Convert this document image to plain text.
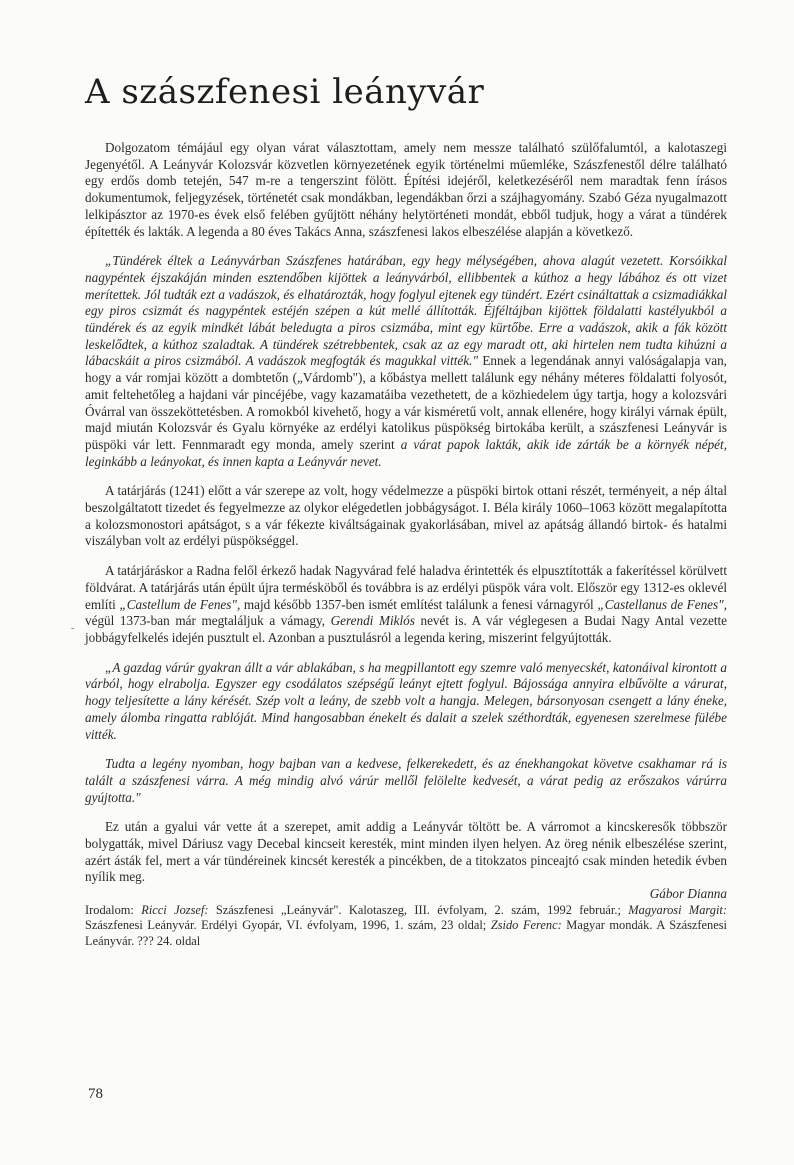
A szászfenesi leányvár

Dolgozatom témájául egy olyan várat választottam, amely nem messze található szülőfalumtól, a kalotaszegi Jegenyétől. A Leányvár Kolozsvár közvetlen környezetének egyik történelmi műemléke, Szászfenestől délre található egy erdős domb tetején, 547 m-re a tengerszint fölött. Építési idejéről, keletkezéséről nem maradtak fenn írásos dokumentumok, feljegyzések, történetét csak mondákban, legendákban őrzi a szájhagyomány. Szabó Géza nyugalmazott lelkipásztor az 1970-es évek első felében gyűjtött néhány helytörténeti mondát, ebből tudjuk, hogy a várat a tündérek építették és lakták. A legenda a 80 éves Takács Anna, szászfenesi lakos elbeszélése alapján a következő.

„Tündérek éltek a Leányvárban Szászfenes határában, egy hegy mélységében, ahova alagút vezetett. Korsóikkal nagypéntek éjszakáján minden esztendőben kijöttek a leányvárból, ellibbentek a kúthoz a hegy lábához és ott vizet merítettek. Jól tudták ezt a vadászok, és elhatározták, hogy foglyul ejtenek egy tündért. Ezért csináltattak a csizmadiákkal egy piros csizmát és nagypéntek estéjén szépen a kút mellé állították. Éjféltájban kijöttek földalatti kastélyukból a tündérek és az egyik mindkét lábát beledugta a piros csizmába, mint egy kürtőbe. Erre a vadászok, akik a fák között leskelődtek, a kúthoz szaladtak. A tündérek szétrebbentek, csak az az egy maradt ott, aki hirtelen nem tudta kihúzni a lábacskáit a piros csizmából. A vadászok megfogták és magukkal vitték." Ennek a legendának annyi valóságalapja van, hogy a vár romjai között a dombtetőn („Várdomb"), a kőbástya mellett találunk egy néhány méteres földalatti folyosót, amit feltehetőleg a hajdani vár pincéjébe, vagy kazamatáiba vezethetett, de a közhiedelem úgy tartja, hogy a kolozsvári Óvárral van összeköttetésben. A romokból kivehető, hogy a vár kisméretű volt, annak ellenére, hogy királyi várnak épült, majd miután Kolozsvár és Gyalu környéke az erdélyi katolikus püspökség birtokába került, a szászfenesi Leányvár is püspöki vár lett. Fennmaradt egy monda, amely szerint a várat papok lakták, akik ide zárták be a környék népét, leginkább a leányokat, és innen kapta a Leányvár nevet.

A tatárjárás (1241) előtt a vár szerepe az volt, hogy védelmezze a püspöki birtok ottani részét, terményeit, a nép által beszolgáltatott tizedet és fegyelmezze az olykor elégedetlen jobbágyságot. I. Béla király 1060–1063 között megalapította a kolozsmonostori apátságot, s a vár fékezte kiváltságainak gyakorlásában, mivel az apátság állandó birtok- és hatalmi viszályban volt az erdélyi püspökséggel.

A tatárjáráskor a Radna felől érkező hadak Nagyvárad felé haladva érintették és elpusztították a fakerítéssel körülvett földvárat. A tatárjárás után épült újra termésköből és továbbra is az erdélyi püspök vára volt. Először egy 1312-es oklevél említi „Castellum de Fenes", majd később 1357-ben ismét említést találunk a fenesi várnagyról „Castellanus de Fenes", végül 1373-ban már megtaláljuk a vámagy, Gerendi Miklós nevét is. A vár véglegesen a Budai Nagy Antal vezette jobbágyfelkelés idején pusztult el. Azonban a pusztulásról a legenda kering, miszerint felgyújtották.

„A gazdag várúr gyakran állt a vár ablakában, s ha megpillantott egy szemre való menyecskét, katonáival kirontott a várból, hogy elrabolja. Egyszer egy csodálatos szépségű leányt ejtett foglyul. Bájossága annyira elbűvölte a várurat, hogy teljesítette a lány kérését. Szép volt a leány, de szebb volt a hangja. Melegen, bársonyosan csengett a lány éneke, amely álomba ringatta rablóját. Mind hangosabban énekelt és dalait a szelek széthordták, egyenesen szerelmese fülébe vitték.

Tudta a legény nyomban, hogy bajban van a kedvese, felkerekedett, és az énekhangokat követve csakhamar rá is talált a szászfenesi várra. A még mindig alvó várúr mellől felölelte kedvesét, a várat pedig az erőszakos várúrra gyújtotta."

Ez után a gyalui vár vette át a szerepet, amit addig a Leányvár töltött be. A várromot a kincskeresők többször bolygatták, mivel Dáriusz vagy Decebal kincseit keresték, mint minden ilyen helyen. Az öreg nénik elbeszélése szerint, azért ásták fel, mert a vár tündéreinek kincsét keresték a pincékben, de a titokzatos pinceajtó csak minden hetedik évben nyílik meg.

Gábor Dianna

Irodalom: Ricci Jozsef: Szászfenesi „Leányvár". Kalotaszeg, III. évfolyam, 2. szám, 1992 február.; Magyarosi Margit: Szászfenesi Leányvár. Erdélyi Gyopár, VI. évfolyam, 1996, 1. szám, 23 oldal; Zsido Ferenc: Magyar mondák. A Szászfenesi Leányvár. ??? 24. oldal

78
-
